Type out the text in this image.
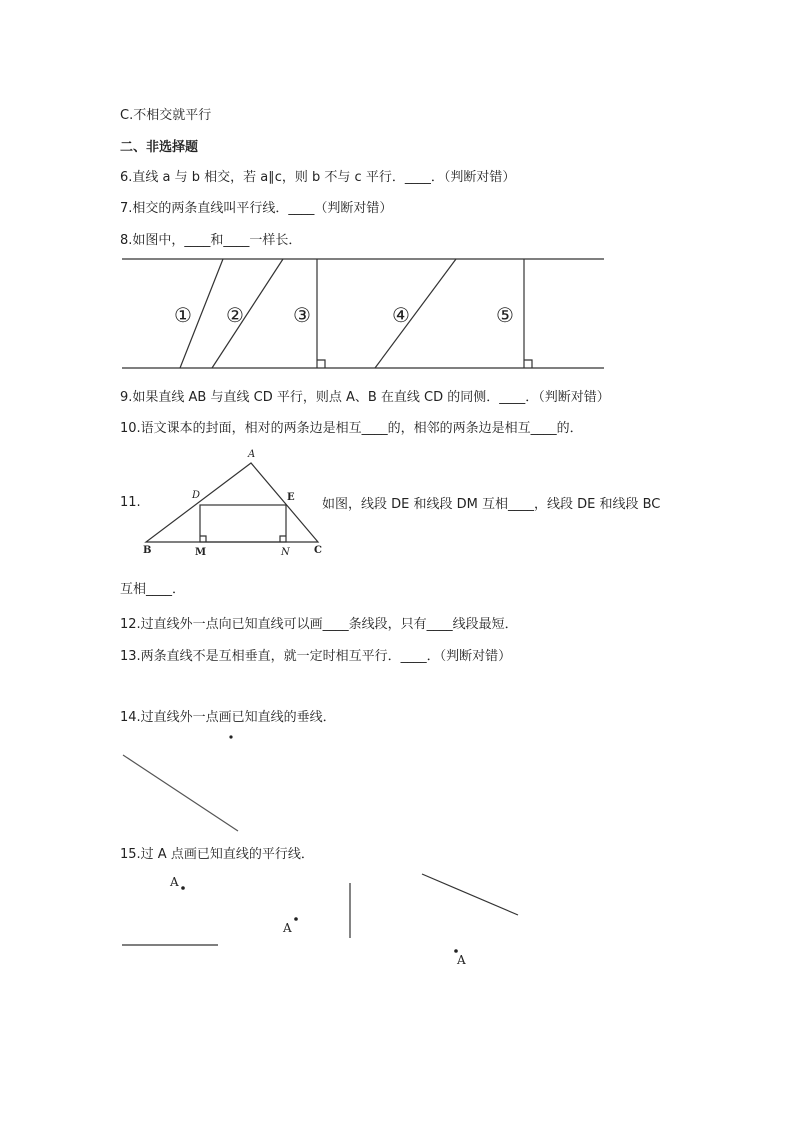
C.不相交就平行
二、非选择题
6.直线 a 与 b 相交，若 a∥c，则 b 不与 c 平行．____．（判断对错）
7.相交的两条直线叫平行线．____（判断对错）
8.如图中，____和____一样长．
① ② ③	④	⑤
9.如果直线 AB 与直线 CD 平行，则点 A、B 在直线 CD 的同侧．____．（判断对错）
10.语文课本的封面，相对的两条边是相互____的，相邻的两条边是相互____的．
11.	如图，线段 DE 和线段 DM 互相____，线段 DE 和线段 BC
A
D	E
B	M	N C
互相____．
12.过直线外一点向已知直线可以画____条线段，只有____线段最短．
13.两条直线不是互相垂直，就一定时相互平行．____．（判断对错）
14.过直线外一点画已知直线的垂线．
15.过 A 点画已知直线的平行线．
A
A
A
